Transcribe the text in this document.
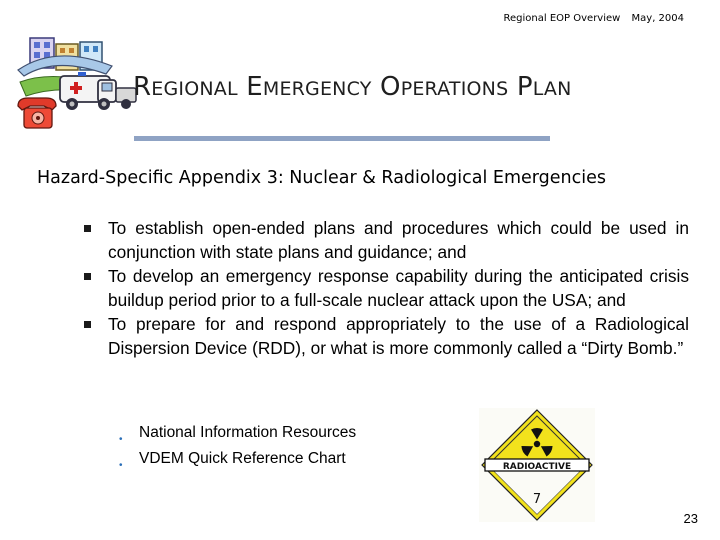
Regional EOP Overview May, 2004
REGIONAL EMERGENCY OPERATIONS PLAN
Hazard-Specific Appendix 3: Nuclear & Radiological Emergencies
To establish open-ended plans and procedures which could be used in conjunction with state plans and guidance; and
To develop an emergency response capability during the anticipated crisis buildup period prior to a full-scale nuclear attack upon the USA; and
To prepare for and respond appropriately to the use of a Radiological Dispersion Device (RDD), or what is more commonly called a “Dirty Bomb.”
• National Information Resources
• VDEM Quick Reference Chart	RADIOACTIVE
7
23
